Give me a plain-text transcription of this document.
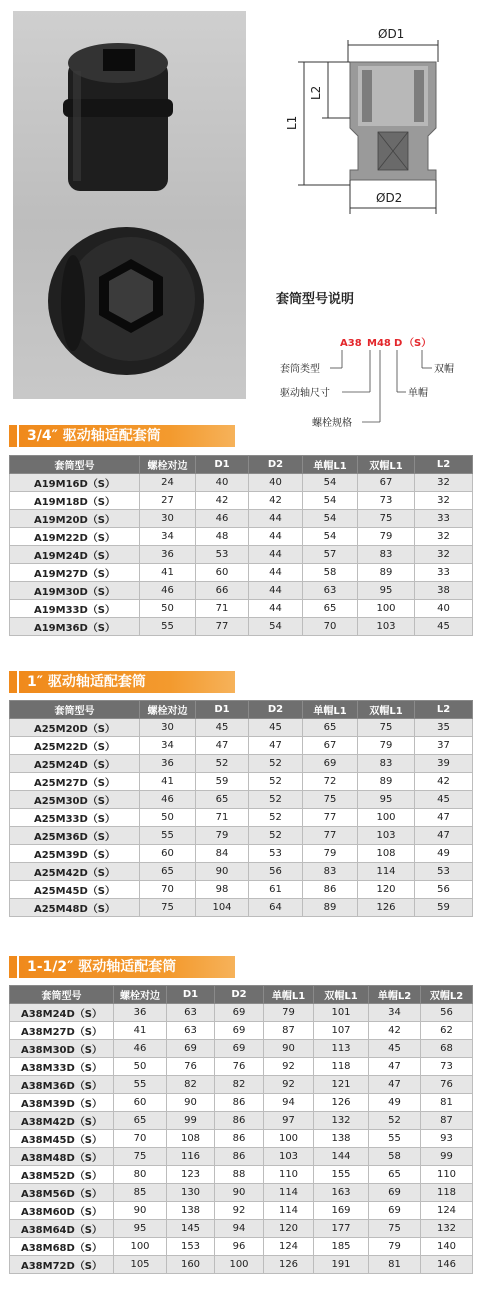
ØD1
L1
L2
ØD2
套筒型号说明
A38 M48 D （S）
套筒类型
驱动轴尺寸
螺栓规格
单帽
双帽
3/4″ 驱动轴适配套筒
套筒型号	螺栓对边	D1	D2	单帽L1	双帽L1	L2
A19M16D（S）	24	40	40	54	67	32
A19M18D（S）	27	42	42	54	73	32
A19M20D（S）	30	46	44	54	75	33
A19M22D（S）	34	48	44	54	79	32
A19M24D（S）	36	53	44	57	83	32
A19M27D（S）	41	60	44	58	89	33
A19M30D（S）	46	66	44	63	95	38
A19M33D（S）	50	71	44	65	100	40
A19M36D（S）	55	77	54	70	103	45
1″ 驱动轴适配套筒
套筒型号	螺栓对边	D1	D2	单帽L1	双帽L1	L2
A25M20D（S）	30	45	45	65	75	35
A25M22D（S）	34	47	47	67	79	37
A25M24D（S）	36	52	52	69	83	39
A25M27D（S）	41	59	52	72	89	42
A25M30D（S）	46	65	52	75	95	45
A25M33D（S）	50	71	52	77	100	47
A25M36D（S）	55	79	52	77	103	47
A25M39D（S）	60	84	53	79	108	49
A25M42D（S）	65	90	56	83	114	53
A25M45D（S）	70	98	61	86	120	56
A25M48D（S）	75	104	64	89	126	59
1-1/2″ 驱动轴适配套筒
套筒型号	螺栓对边	D1	D2	单帽L1	双帽L1	单帽L2	双帽L2
A38M24D（S）	36	63	69	79	101	34	56
A38M27D（S）	41	63	69	87	107	42	62
A38M30D（S）	46	69	69	90	113	45	68
A38M33D（S）	50	76	76	92	118	47	73
A38M36D（S）	55	82	82	92	121	47	76
A38M39D（S）	60	90	86	94	126	49	81
A38M42D（S）	65	99	86	97	132	52	87
A38M45D（S）	70	108	86	100	138	55	93
A38M48D（S）	75	116	86	103	144	58	99
A38M52D（S）	80	123	88	110	155	65	110
A38M56D（S）	85	130	90	114	163	69	118
A38M60D（S）	90	138	92	114	169	69	124
A38M64D（S）	95	145	94	120	177	75	132
A38M68D（S）	100	153	96	124	185	79	140
A38M72D（S）	105	160	100	126	191	81	146
